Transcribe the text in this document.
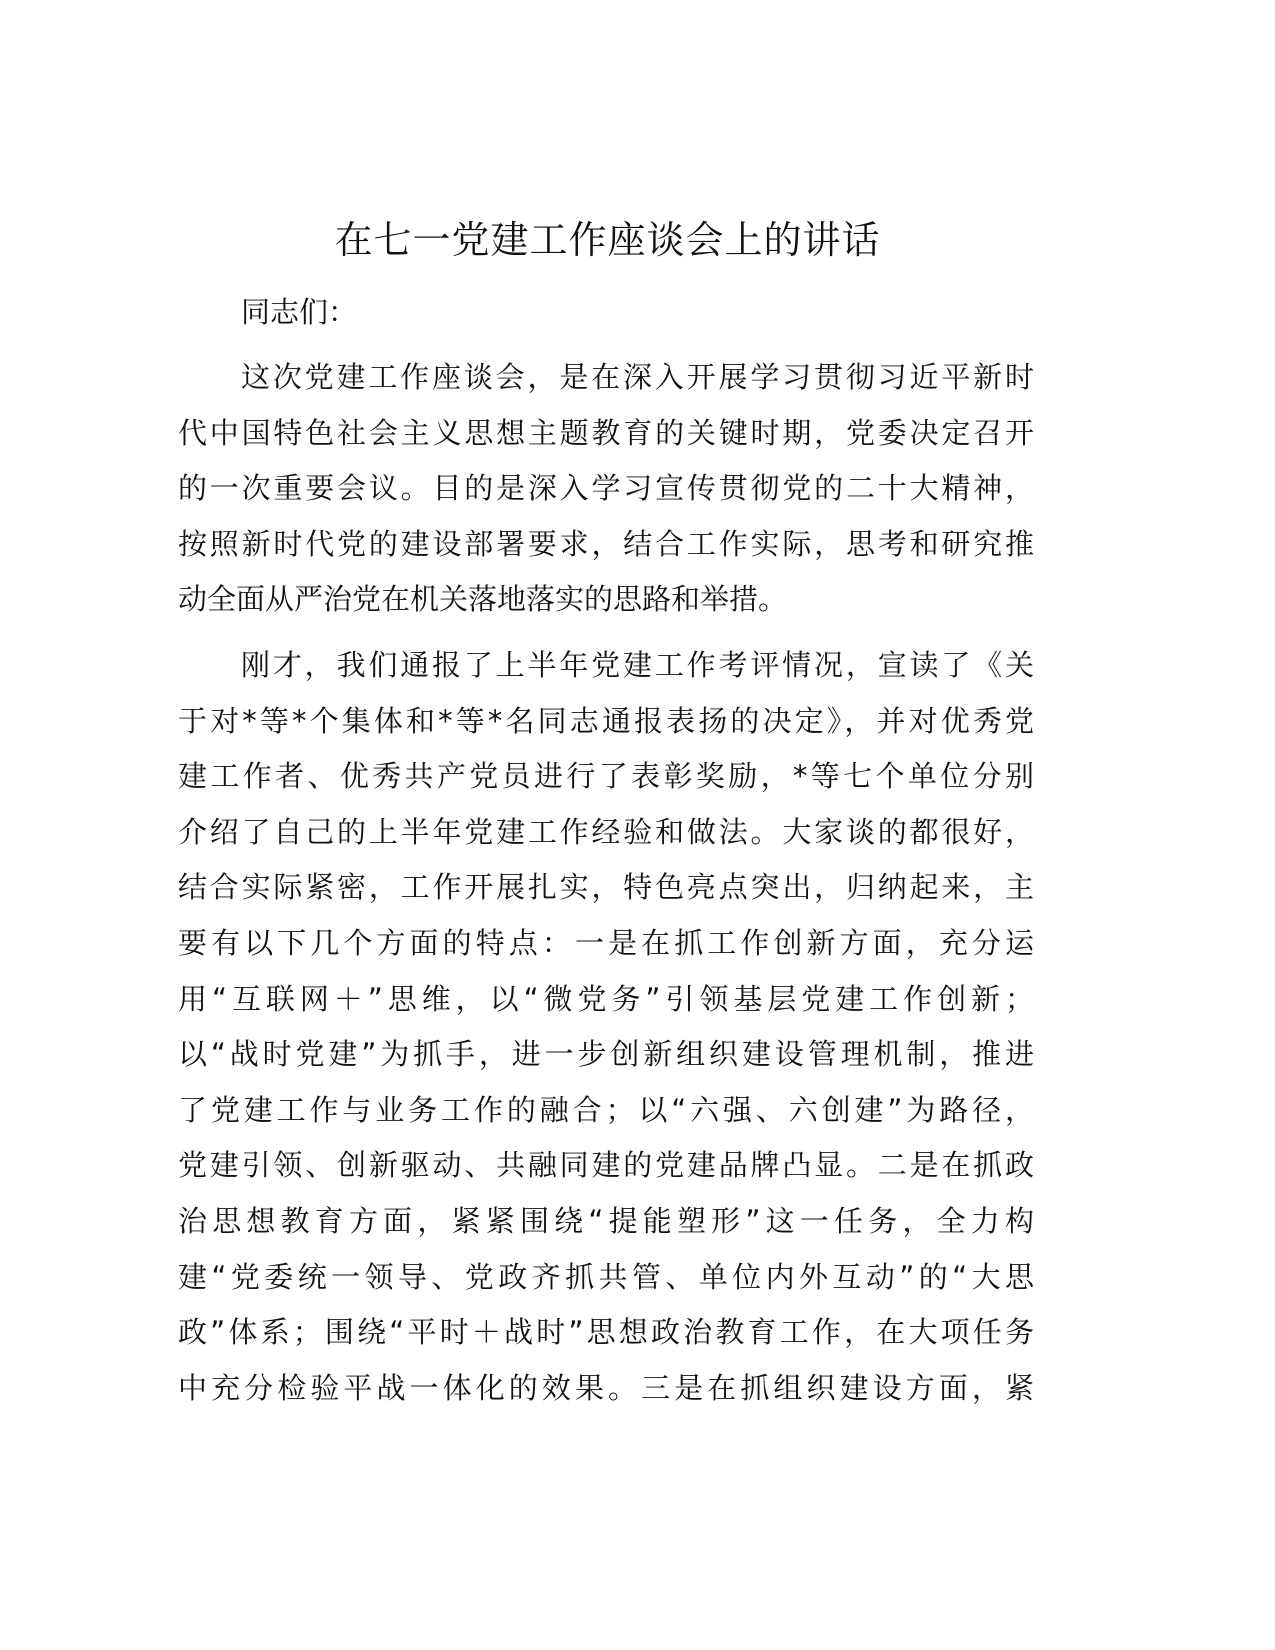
在七一党建工作座谈会上的讲话
同志们：
这次党建工作座谈会，是在深入开展学习贯彻习近平新时
代中国特色社会主义思想主题教育的关键时期，党委决定召开
的一次重要会议。目的是深入学习宣传贯彻党的二十大精神，
按照新时代党的建设部署要求，结合工作实际，思考和研究推
动全面从严治党在机关落地落实的思路和举措。
刚才，我们通报了上半年党建工作考评情况，宣读了《关
于对*等*个集体和*等*名同志通报表扬的决定》，并对优秀党
建工作者、优秀共产党员进行了表彰奖励，*等七个单位分别
介绍了自己的上半年党建工作经验和做法。大家谈的都很好，
结合实际紧密，工作开展扎实，特色亮点突出，归纳起来，主
要有以下几个方面的特点：一是在抓工作创新方面，充分运
用“互联网＋”思维，以“微党务”引领基层党建工作创新；
以“战时党建”为抓手，进一步创新组织建设管理机制，推进
了党建工作与业务工作的融合；以“六强、六创建”为路径，
党建引领、创新驱动、共融同建的党建品牌凸显。二是在抓政
治思想教育方面，紧紧围绕“提能塑形”这一任务，全力构
建“党委统一领导、党政齐抓共管、单位内外互动”的“大思
政”体系；围绕“平时＋战时”思想政治教育工作，在大项任务
中充分检验平战一体化的效果。三是在抓组织建设方面，紧
